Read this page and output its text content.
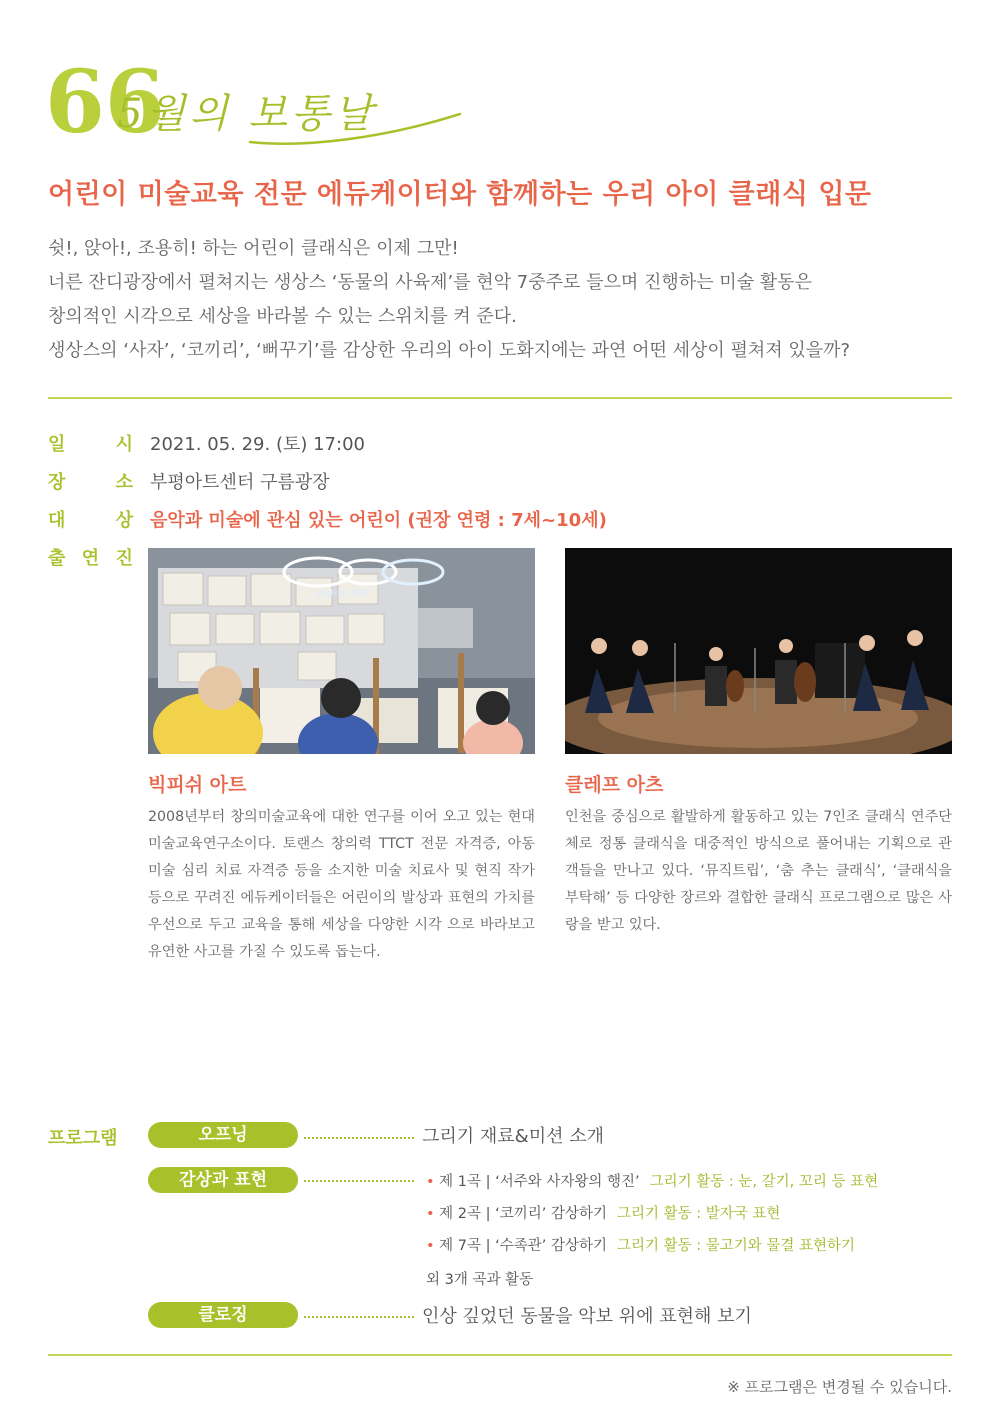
66
5월의 보통날
어린이 미술교육 전문 에듀케이터와 함께하는 우리 아이 클래식 입문
쉿!, 앉아!, 조용히! 하는 어린이 클래식은 이제 그만!
너른 잔디광장에서 펼쳐지는 생상스 ‘동물의 사육제’를 현악 7중주로 들으며 진행하는 미술 활동은
창의적인 시각으로 세상을 바라볼 수 있는 스위치를 켜 준다.
생상스의 ‘사자’, ‘코끼리’, ‘뻐꾸기’를 감상한 우리의 아이 도화지에는 과연 어떤 세상이 펼쳐져 있을까?
일	시 2021. 05. 29. (토) 17:00
장	소 부평아트센터 구름광장
대	상 음악과 미술에 관심 있는 어린이 (권장 연령 : 7세~10세)
출 연 진
BigFish ART
빅피쉬 아트
2008년부터 창의미술교육에 대한 연구를 이어 오고 있는 현대미술교육연구소이다. 토랜스 창의력 TTCT 전문 자격증, 아동 미술 심리 치료 자격증 등을 소지한 미술 치료사 및 현직 작가등으로 꾸려진 에듀케이터들은 어린이의 발상과 표현의 가치를 우선으로 두고 교육을 통해 세상을 다양한 시각 으로 바라보고 유연한 사고를 가질 수 있도록 돕는다.
클레프 아츠
인천을 중심으로 활발하게 활동하고 있는 7인조 클래식 연주단체로 정통 클래식을 대중적인 방식으로 풀어내는 기획으로 관객들을 만나고 있다. ‘뮤직트립’, ‘춤 추는 클래식’, ‘클래식을 부탁해’ 등 다양한 장르와 결합한 클래식 프로그램으로 많은 사랑을 받고 있다.
프로그램	오프닝	그리기 재료&미션 소개
감상과 표현	• 제 1곡 | ‘서주와 사자왕의 행진’ 그리기 활동 : 눈, 갈기, 꼬리 등 표현
• 제 2곡 | ‘코끼리’ 감상하기 그리기 활동 : 발자국 표현
• 제 7곡 | ‘수족관’ 감상하기 그리기 활동 : 물고기와 물결 표현하기
외 3개 곡과 활동
클로징	인상 깊었던 동물을 악보 위에 표현해 보기
※ 프로그램은 변경될 수 있습니다.
